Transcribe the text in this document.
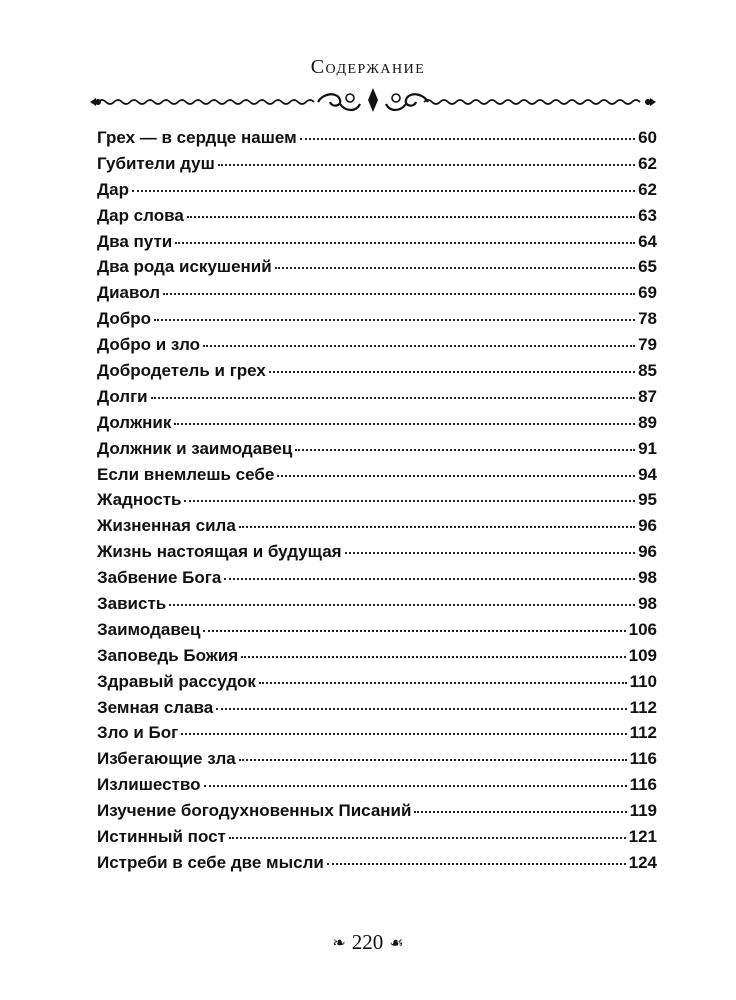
Содержание
Грех — в сердце нашем	60
Губители душ	62
Дар	62
Дар слова	63
Два пути	64
Два рода искушений	65
Диавол	69
Добро	78
Добро и зло	79
Добродетель и грех	85
Долги	87
Должник	89
Должник и заимодавец	91
Если внемлешь себе	94
Жадность	95
Жизненная сила	96
Жизнь настоящая и будущая	96
Забвение Бога	98
Зависть	98
Заимодавец	106
Заповедь Божия	109
Здравый рассудок	110
Земная слава	112
Зло и Бог	112
Избегающие зла	116
Излишество	116
Изучение богодухновенных Писаний	119
Истинный пост	121
Истреби в себе две мысли	124
❧ 220 ☙
